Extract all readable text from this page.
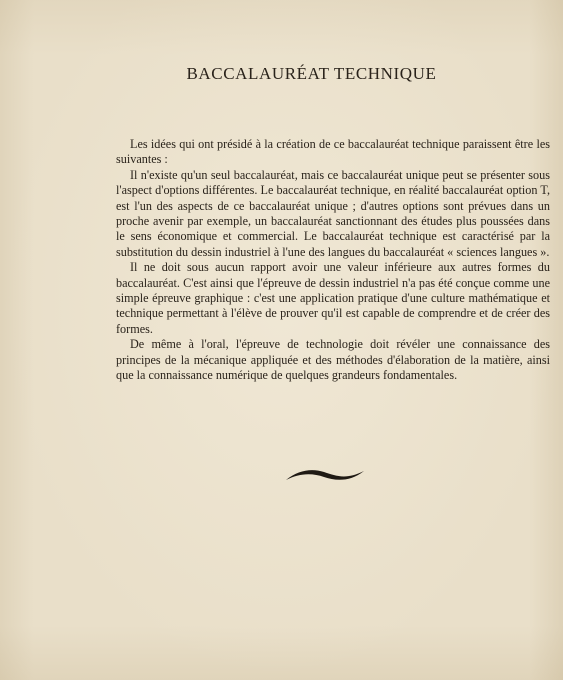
BACCALAURÉAT TECHNIQUE

Les idées qui ont présidé à la création de ce baccalauréat technique paraissent être les suivantes :

Il n'existe qu'un seul baccalauréat, mais ce baccalauréat unique peut se présenter sous l'aspect d'options différentes. Le baccalauréat technique, en réalité baccalauréat option T, est l'un des aspects de ce baccalauréat unique ; d'autres options sont prévues dans un proche avenir par exemple, un baccalauréat sanctionnant des études plus poussées dans le sens économique et commercial. Le baccalauréat technique est caractérisé par la substitution du dessin industriel à l'une des langues du baccalauréat « sciences langues ».

Il ne doit sous aucun rapport avoir une valeur inférieure aux autres formes du baccalauréat. C'est ainsi que l'épreuve de dessin industriel n'a pas été conçue comme une simple épreuve graphique : c'est une application pratique d'une culture mathématique et technique permettant à l'élève de prouver qu'il est capable de comprendre et de créer des formes.

De même à l'oral, l'épreuve de technologie doit révéler une connaissance des principes de la mécanique appliquée et des méthodes d'élaboration de la matière, ainsi que la connaissance numérique de quelques grandeurs fondamentales.
